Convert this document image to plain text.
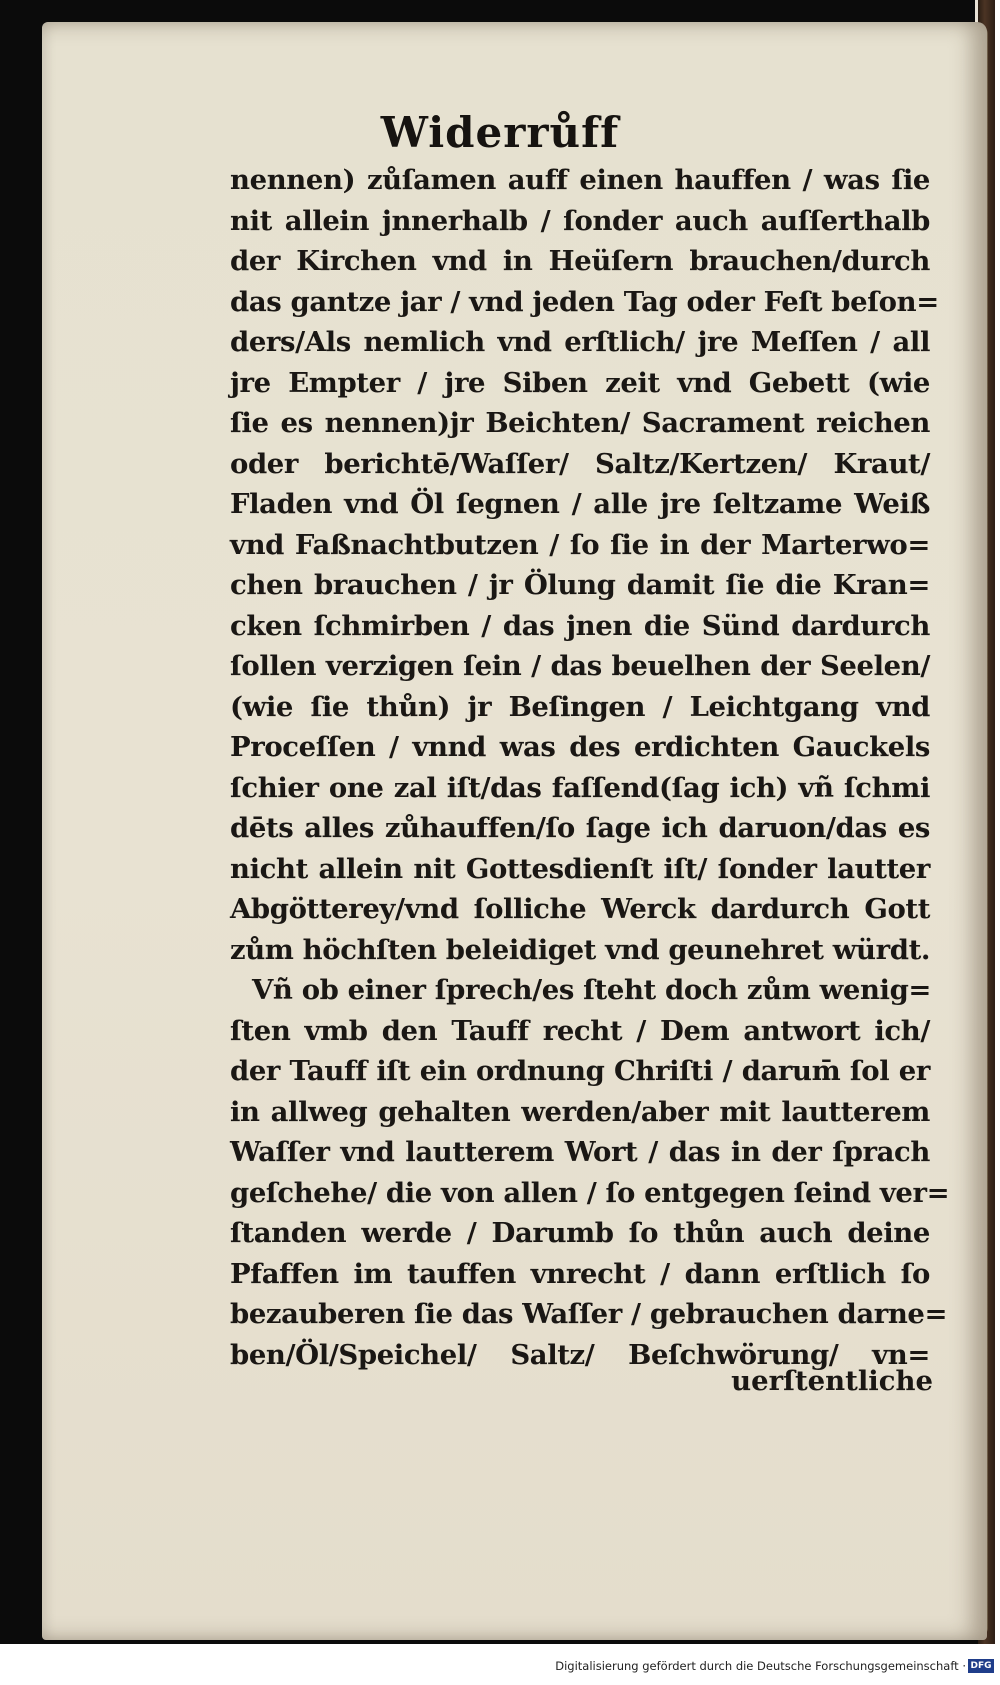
Widerrůff
nennen) zůſamen auff einen hauffen / was ſie
nit allein jnnerhalb / ſonder auch auſſerthalb
der Kirchen vnd in Heüſern brauchen/durch
das gantze jar / vnd jeden Tag oder Feſt beſon=
ders/Als nemlich vnd erſtlich/ jre Meſſen / all
jre Empter / jre Siben zeit vnd Gebett (wie
ſie es nennen)jr Beichten/ Sacrament reichen
oder berichtē/Waſſer/ Saltz/Kertzen/ Kraut/
Fladen vnd Öl ſegnen / alle jre ſeltzame Weiß
vnd Faßnachtbutzen / ſo ſie in der Marterwo=
chen brauchen / jr Ölung damit ſie die Kran=
cken ſchmirben / das jnen die Sünd dardurch
ſollen verzigen ſein / das beuelhen der Seelen/
(wie ſie thůn) jr Beſingen / Leichtgang vnd
Proceſſen / vnnd was des erdichten Gauckels
ſchier one zal iſt/das faſſend(ſag ich) vñ ſchmi
dēts alles zůhauffen/ſo ſage ich daruon/das es
nicht allein nit Gottesdienſt iſt/ ſonder lautter
Abgötterey/vnd ſolliche Werck dardurch Gott
zům höchſten beleidiget vnd geunehret würdt.
Vñ ob einer ſprech/es ſteht doch zům wenig=
ſten vmb den Tauff recht / Dem antwort ich/
der Tauff iſt ein ordnung Chriſti / darum̄ ſol er
in allweg gehalten werden/aber mit lautterem
Waſſer vnd lautterem Wort / das in der ſprach
geſchehe/ die von allen / ſo entgegen ſeind ver=
ſtanden werde / Darumb ſo thůn auch deine
Pfaffen im tauffen vnrecht / dann erſtlich ſo
bezauberen ſie das Waſſer / gebrauchen darne=
ben/Öl/Speichel/ Saltz/ Beſchwörung/ vn=
uerſtentliche
Digitalisierung gefördert durch die Deutsche Forschungsgemeinschaft · DFG
